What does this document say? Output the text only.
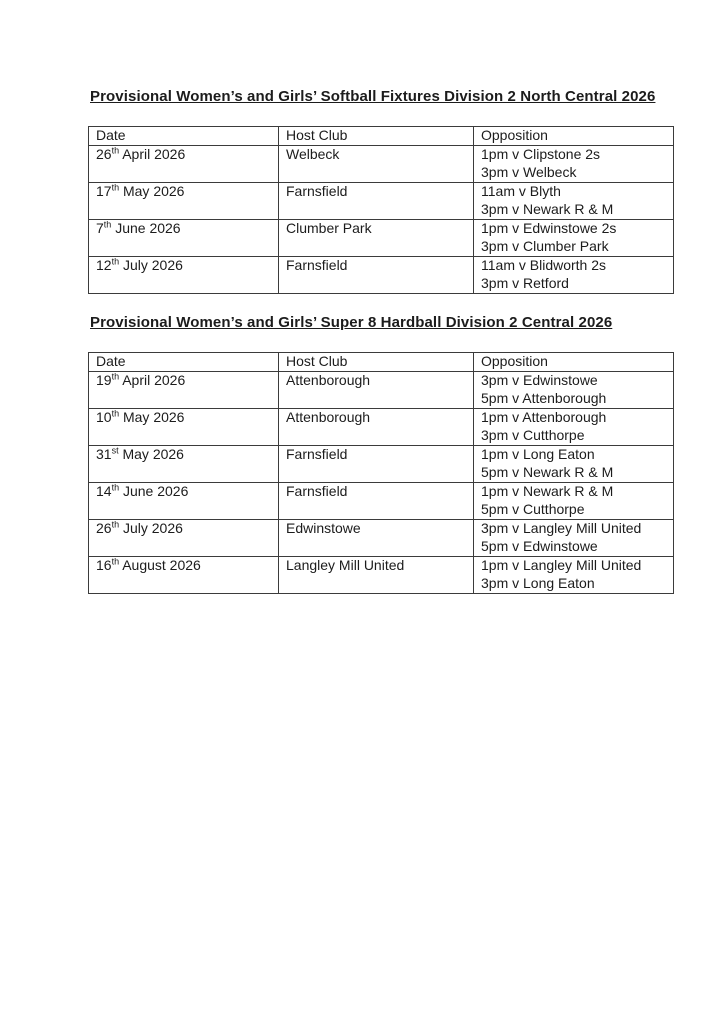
Provisional Women’s and Girls’ Softball Fixtures Division 2 North Central 2026
Date	Host Club	Opposition
26th April 2026	Welbeck	1pm v Clipstone 2s
3pm v Welbeck

17th May 2026	Farnsfield	11am v Blyth
3pm v Newark R & M

7th June 2026	Clumber Park	1pm v Edwinstowe 2s
3pm v Clumber Park

12th July 2026	Farnsfield	11am v Blidworth 2s
3pm v Retford
Provisional Women’s and Girls’ Super 8 Hardball Division 2 Central 2026
Date	Host Club	Opposition
19th April 2026	Attenborough	3pm v Edwinstowe
5pm v Attenborough

10th May 2026	Attenborough	1pm v Attenborough
3pm v Cutthorpe

31st May 2026	Farnsfield	1pm v Long Eaton
5pm v Newark R & M

14th June 2026	Farnsfield	1pm v Newark R & M
5pm v Cutthorpe

26th July 2026	Edwinstowe	3pm v Langley Mill United
5pm v Edwinstowe

16th August 2026	Langley Mill United	1pm v Langley Mill United
3pm v Long Eaton
